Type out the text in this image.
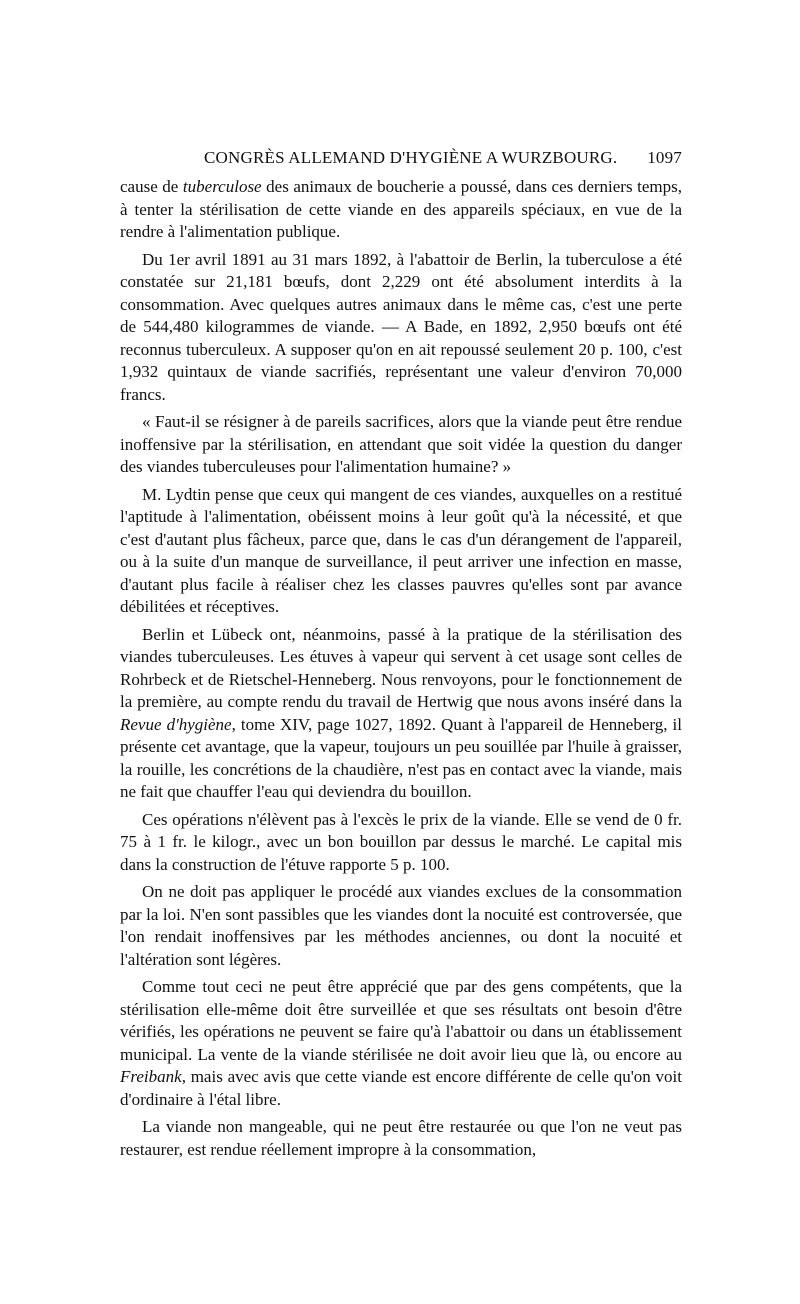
CONGRÈS ALLEMAND D'HYGIÈNE A WURZBOURG. 1097

cause de tuberculose des animaux de boucherie a poussé, dans ces derniers temps, à tenter la stérilisation de cette viande en des appareils spéciaux, en vue de la rendre à l'alimentation publique.

Du 1er avril 1891 au 31 mars 1892, à l'abattoir de Berlin, la tuberculose a été constatée sur 21,181 bœufs, dont 2,229 ont été absolument interdits à la consommation. Avec quelques autres animaux dans le même cas, c'est une perte de 544,480 kilogrammes de viande. — A Bade, en 1892, 2,950 bœufs ont été reconnus tuberculeux. A supposer qu'on en ait repoussé seulement 20 p. 100, c'est 1,932 quintaux de viande sacrifiés, représentant une valeur d'environ 70,000 francs.

« Faut-il se résigner à de pareils sacrifices, alors que la viande peut être rendue inoffensive par la stérilisation, en attendant que soit vidée la question du danger des viandes tuberculeuses pour l'alimentation humaine? »

M. Lydtin pense que ceux qui mangent de ces viandes, auxquelles on a restitué l'aptitude à l'alimentation, obéissent moins à leur goût qu'à la nécessité, et que c'est d'autant plus fâcheux, parce que, dans le cas d'un dérangement de l'appareil, ou à la suite d'un manque de surveillance, il peut arriver une infection en masse, d'autant plus facile à réaliser chez les classes pauvres qu'elles sont par avance débilitées et réceptives.

Berlin et Lübeck ont, néanmoins, passé à la pratique de la stérilisation des viandes tuberculeuses. Les étuves à vapeur qui servent à cet usage sont celles de Rohrbeck et de Rietschel-Henneberg. Nous renvoyons, pour le fonctionnement de la première, au compte rendu du travail de Hertwig que nous avons inséré dans la Revue d'hygiène, tome XIV, page 1027, 1892. Quant à l'appareil de Henneberg, il présente cet avantage, que la vapeur, toujours un peu souillée par l'huile à graisser, la rouille, les concrétions de la chaudière, n'est pas en contact avec la viande, mais ne fait que chauffer l'eau qui deviendra du bouillon.

Ces opérations n'élèvent pas à l'excès le prix de la viande. Elle se vend de 0 fr. 75 à 1 fr. le kilogr., avec un bon bouillon par dessus le marché. Le capital mis dans la construction de l'étuve rapporte 5 p. 100.

On ne doit pas appliquer le procédé aux viandes exclues de la consommation par la loi. N'en sont passibles que les viandes dont la nocuité est controversée, que l'on rendait inoffensives par les méthodes anciennes, ou dont la nocuité et l'altération sont légères.

Comme tout ceci ne peut être apprécié que par des gens compétents, que la stérilisation elle-même doit être surveillée et que ses résultats ont besoin d'être vérifiés, les opérations ne peuvent se faire qu'à l'abattoir ou dans un établissement municipal. La vente de la viande stérilisée ne doit avoir lieu que là, ou encore au Freibank, mais avec avis que cette viande est encore différente de celle qu'on voit d'ordinaire à l'étal libre.

La viande non mangeable, qui ne peut être restaurée ou que l'on ne veut pas restaurer, est rendue réellement impropre à la consommation,
